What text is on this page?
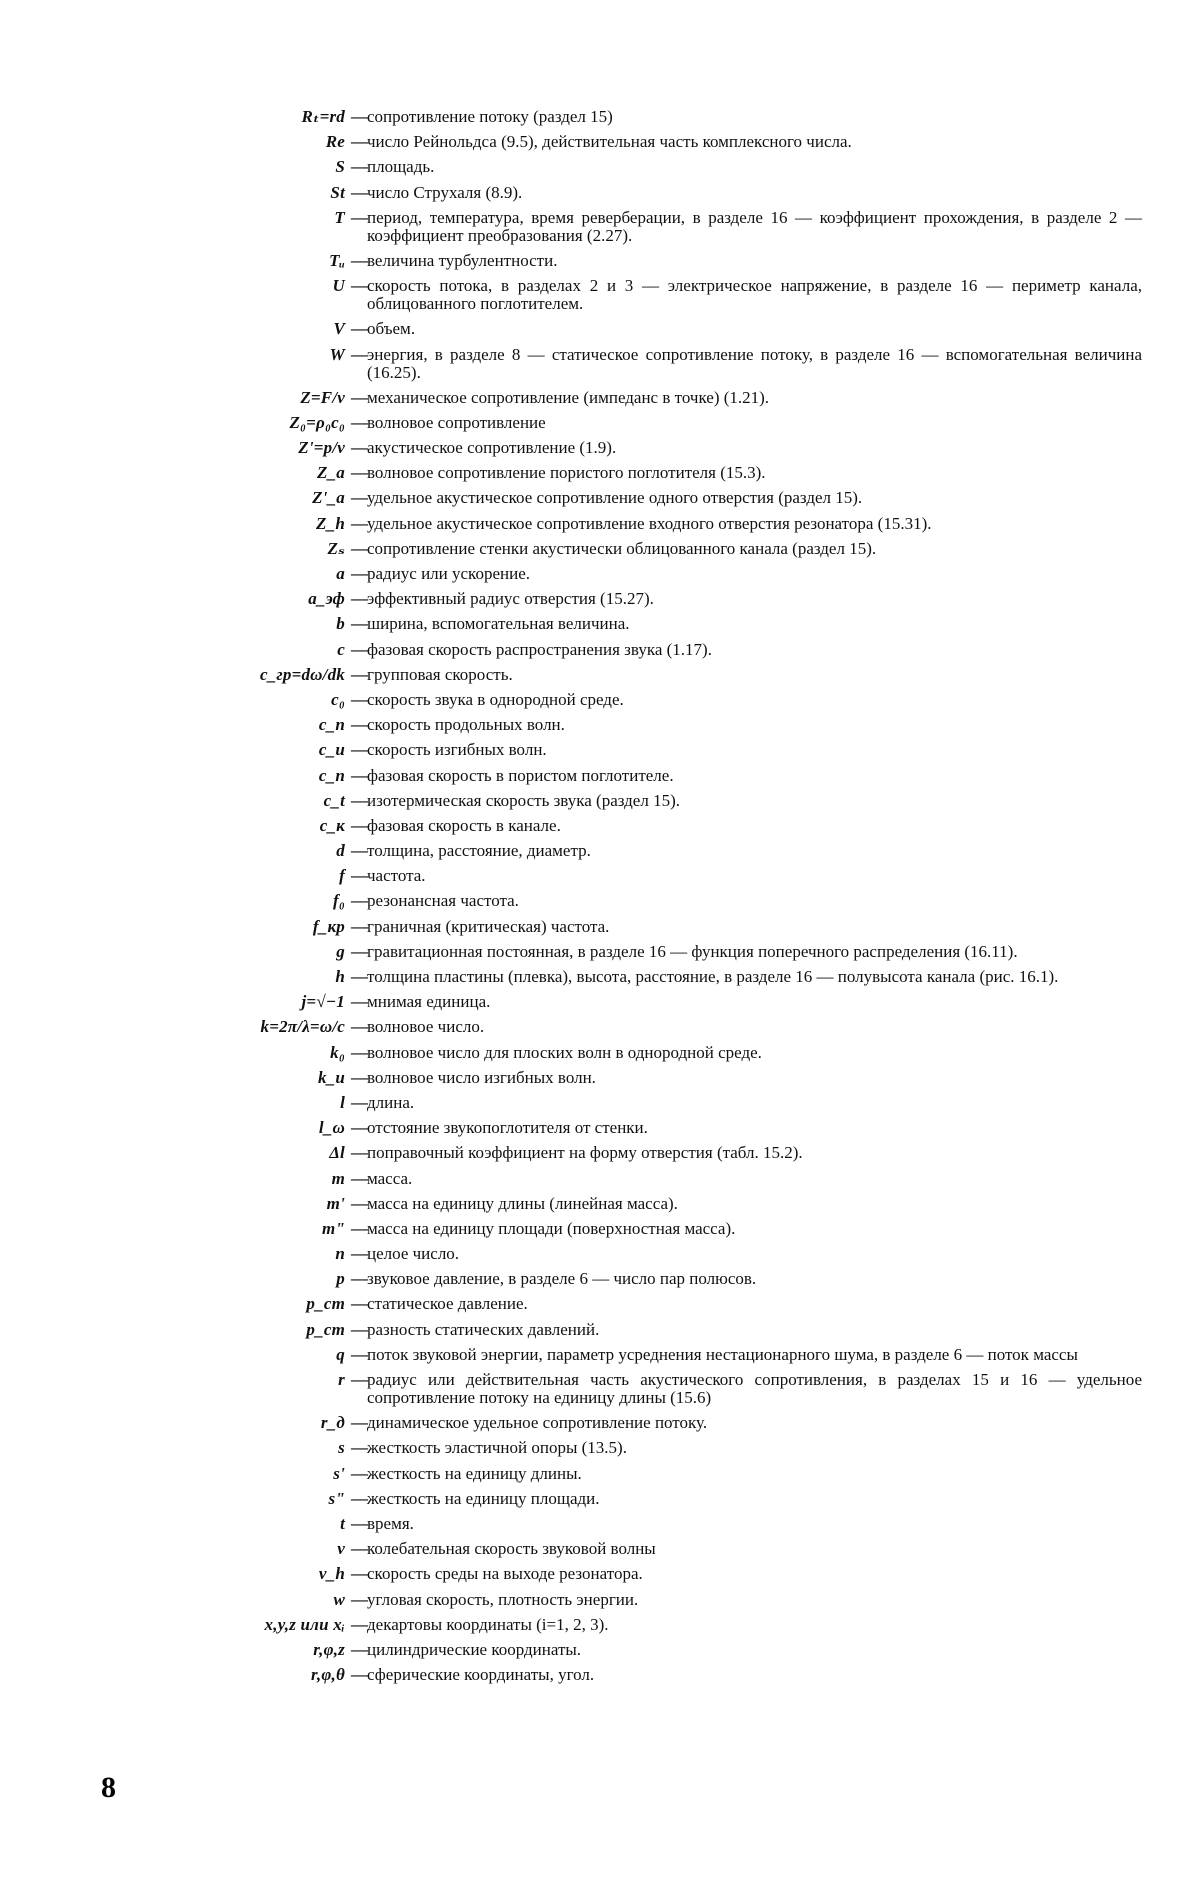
Rₜ=rd — сопротивление потоку (раздел 15)
Re — число Рейнольдса (9.5), действительная часть комплексного числа.
S — площадь.
St — число Струхаля (8.9).
T — период, температура, время реверберации, в разделе 16 — коэффициент прохождения, в разделе 2 — коэффициент преобразования (2.27).
Tᵤ — величина турбулентности.
U — скорость потока, в разделах 2 и 3 — электрическое напряжение, в разделе 16 — периметр канала, облицованного поглотителем.
V — объем.
W — энергия, в разделе 8 — статическое сопротивление потоку, в разделе 16 — вспомогательная величина (16.25).
Z=F/v — механическое сопротивление (импеданс в точке) (1.21).
Z₀=ρ₀c₀ — волновое сопротивление
Z'=p/v — акустическое сопротивление (1.9).
Z_a — волновое сопротивление пористого поглотителя (15.3).
Z'_a — удельное акустическое сопротивление одного отверстия (раздел 15).
Z_h — удельное акустическое сопротивление входного отверстия резонатора (15.31).
Zₛ — сопротивление стенки акустически облицованного канала (раздел 15).
a — радиус или ускорение.
a_эф — эффективный радиус отверстия (15.27).
b — ширина, вспомогательная величина.
c — фазовая скорость распространения звука (1.17).
c_гр=dω/dk — групповая скорость.
c₀ — скорость звука в однородной среде.
c_п — скорость продольных волн.
c_и — скорость изгибных волн.
c_п — фазовая скорость в пористом поглотителе.
c_t — изотермическая скорость звука (раздел 15).
c_к — фазовая скорость в канале.
d — толщина, расстояние, диаметр.
f — частота.
f₀ — резонансная частота.
f_кр — граничная (критическая) частота.
g — гравитационная постоянная, в разделе 16 — функция поперечного распределения (16.11).
h — толщина пластины (плевка), высота, расстояние, в разделе 16 — полувысота канала (рис. 16.1).
j=√−1 — мнимая единица.
k=2π/λ=ω/c — волновое число.
k₀ — волновое число для плоских волн в однородной среде.
k_и — волновое число изгибных волн.
l — длина.
l_ω — отстояние звукопоглотителя от стенки.
Δl — поправочный коэффициент на форму отверстия (табл. 15.2).
m — масса.
m' — масса на единицу длины (линейная масса).
m" — масса на единицу площади (поверхностная масса).
n — целое число.
p — звуковое давление, в разделе 6 — число пар полюсов.
p_ст — статическое давление.
p_ст — разность статических давлений.
q — поток звуковой энергии, параметр усреднения нестационарного шума, в разделе 6 — поток массы
r — радиус или действительная часть акустического сопротивления, в разделах 15 и 16 — удельное сопротивление потоку на единицу длины (15.6)
r_д — динамическое удельное сопротивление потоку.
s — жесткость эластичной опоры (13.5).
s' — жесткость на единицу длины.
s" — жесткость на единицу площади.
t — время.
v — колебательная скорость звуковой волны
v_h — скорость среды на выходе резонатора.
w — угловая скорость, плотность энергии.
x,y,z или xᵢ — декартовы координаты (i=1, 2, 3).
r,φ,z — цилиндрические координаты.
r,φ,θ — сферические координаты, угол.
8
